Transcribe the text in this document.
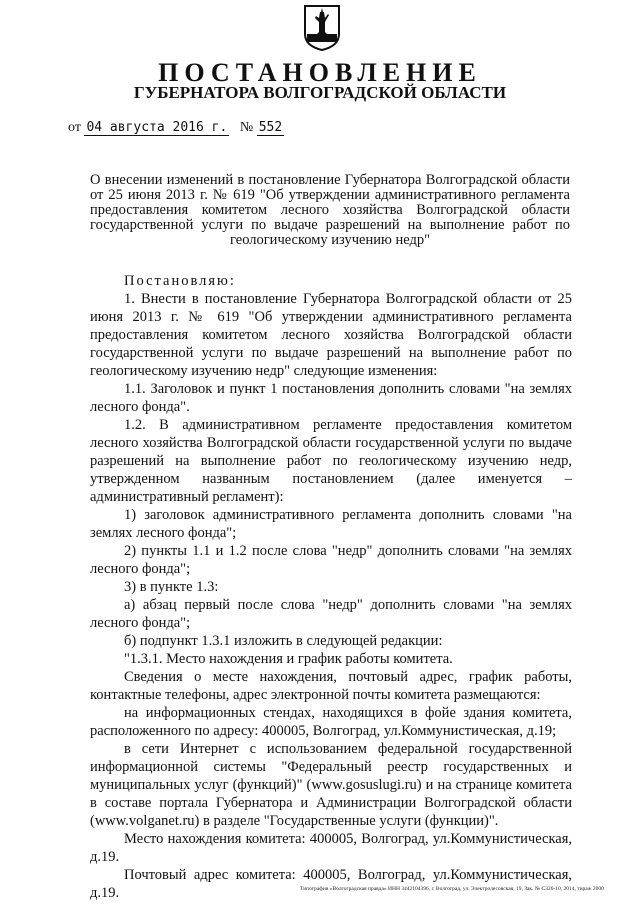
ПОСТАНОВЛЕНИЕ
ГУБЕРНАТОРА ВОЛГОГРАДСКОЙ ОБЛАСТИ
от 04 августа 2016 г. № 552

О внесении изменений в постановление Губернатора Волгоградской области от 25 июня 2013 г. № 619 "Об утверждении административного регламента предоставления комитетом лесного хозяйства Волгоградской области государственной услуги по выдаче разрешений на выполнение работ по геологическому изучению недр"

Постановляю:

1. Внести в постановление Губернатора Волгоградской области от 25 июня 2013 г. № 619 "Об утверждении административного регламента предоставления комитетом лесного хозяйства Волгоградской области государственной услуги по выдаче разрешений на выполнение работ по геологическому изучению недр" следующие изменения:

1.1. Заголовок и пункт 1 постановления дополнить словами "на землях лесного фонда".

1.2. В административном регламенте предоставления комитетом лесного хозяйства Волгоградской области государственной услуги по выдаче разрешений на выполнение работ по геологическому изучению недр, утвержденном названным постановлением (далее именуется – административный регламент):

1) заголовок административного регламента дополнить словами "на землях лесного фонда";

2) пункты 1.1 и 1.2 после слова "недр" дополнить словами "на землях лесного фонда";

3) в пункте 1.3:

а) абзац первый после слова "недр" дополнить словами "на землях лесного фонда";

б) подпункт 1.3.1 изложить в следующей редакции:

"1.3.1. Место нахождения и график работы комитета.

Сведения о месте нахождения, почтовый адрес, график работы, контактные телефоны, адрес электронной почты комитета размещаются:

на информационных стендах, находящихся в фойе здания комитета, расположенного по адресу: 400005, Волгоград, ул.Коммунистическая, д.19;

в сети Интернет с использованием федеральной государственной информационной системы "Федеральный реестр государственных и муниципальных услуг (функций)" (www.gosuslugi.ru) и на странице комитета в составе портала Губернатора и Администрации Волгоградской области (www.volganet.ru) в разделе "Государственные услуги (функции)".

Место нахождения комитета: 400005, Волгоград, ул.Коммунистическая, д.19.

Почтовый адрес комитета: 400005, Волгоград, ул.Коммунистическая, д.19.	Типография «Волгоградская правда» ИНН 3442104396, г. Волгоград, ул. Электролесовская, 19, Зак. № С326-10, 2014, тираж 2000
